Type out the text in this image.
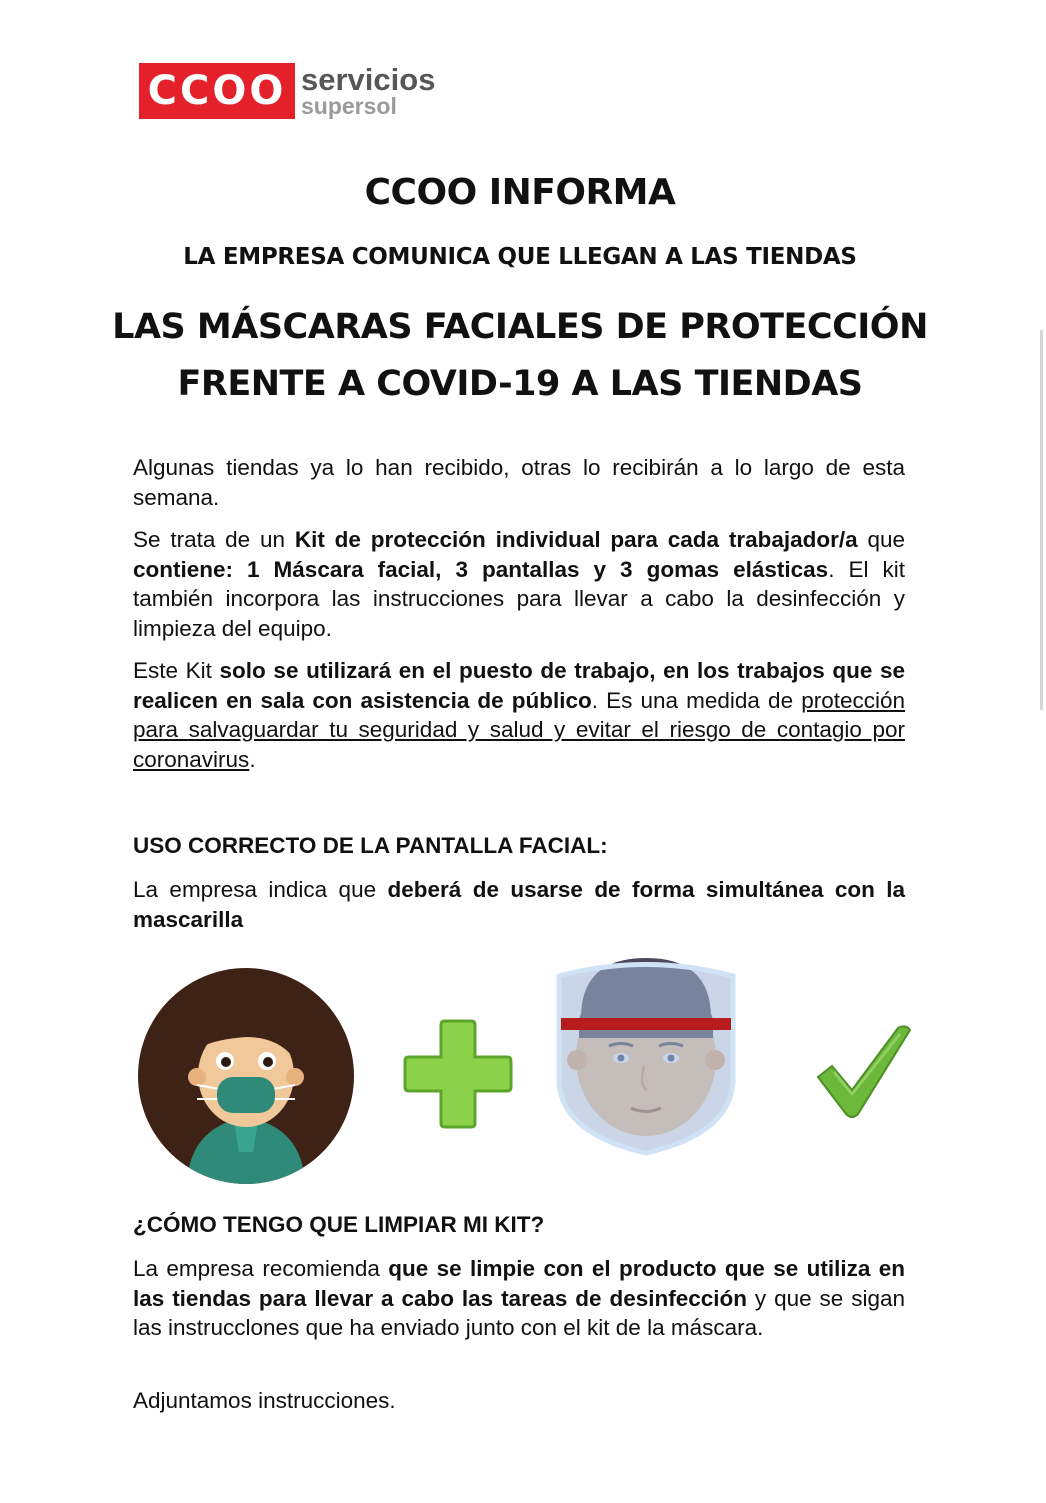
CCOO servicios
supersol
CCOO INFORMA
LA EMPRESA COMUNICA QUE LLEGAN A LAS TIENDAS
LAS MÁSCARAS FACIALES DE PROTECCIÓN
FRENTE A COVID-19 A LAS TIENDAS

Algunas tiendas ya lo han recibido, otras lo recibirán a lo largo de esta semana.

Se trata de un Kit de protección individual para cada trabajador/a que contiene: 1 Máscara facial, 3 pantallas y 3 gomas elásticas. El kit también incorpora las instrucciones para llevar a cabo la desinfección y limpieza del equipo.

Este Kit solo se utilizará en el puesto de trabajo, en los trabajos que se realicen en sala con asistencia de público. Es una medida de protección para salvaguardar tu seguridad y salud y evitar el riesgo de contagio por coronavirus.

USO CORRECTO DE LA PANTALLA FACIAL:

La empresa indica que deberá de usarse de forma simultánea con la mascarilla

¿CÓMO TENGO QUE LIMPIAR MI KIT?

La empresa recomienda que se limpie con el producto que se utiliza en las tiendas para llevar a cabo las tareas de desinfección y que se sigan las instrucclones que ha enviado junto con el kit de la máscara.

Adjuntamos instrucciones.
